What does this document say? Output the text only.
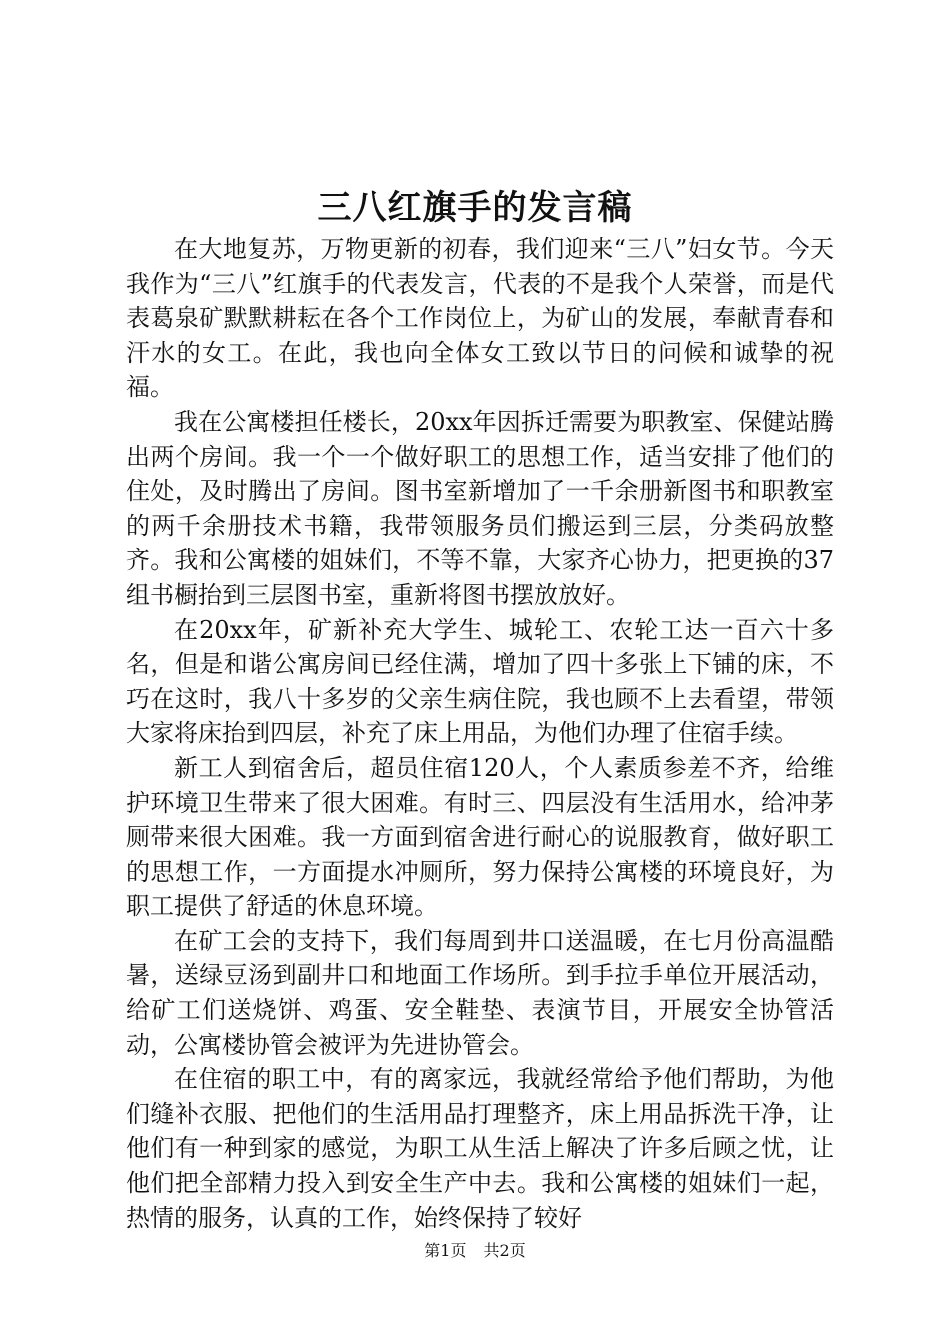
三八红旗手的发言稿

在大地复苏，万物更新的初春，我们迎来“三八”妇女节。今天我作为“三八”红旗手的代表发言，代表的不是我个人荣誉，而是代表葛泉矿默默耕耘在各个工作岗位上，为矿山的发展，奉献青春和汗水的女工。在此，我也向全体女工致以节日的问候和诚挚的祝福。

我在公寓楼担任楼长，20xx年因拆迁需要为职教室、保健站腾出两个房间。我一个一个做好职工的思想工作，适当安排了他们的住处，及时腾出了房间。图书室新增加了一千余册新图书和职教室的两千余册技术书籍，我带领服务员们搬运到三层，分类码放整齐。我和公寓楼的姐妹们，不等不靠，大家齐心协力，把更换的37组书橱抬到三层图书室，重新将图书摆放放好。

在20xx年，矿新补充大学生、城轮工、农轮工达一百六十多名，但是和谐公寓房间已经住满，增加了四十多张上下铺的床，不巧在这时，我八十多岁的父亲生病住院，我也顾不上去看望，带领大家将床抬到四层，补充了床上用品，为他们办理了住宿手续。

新工人到宿舍后，超员住宿120人，个人素质参差不齐，给维护环境卫生带来了很大困难。有时三、四层没有生活用水，给冲茅厕带来很大困难。我一方面到宿舍进行耐心的说服教育，做好职工的思想工作，一方面提水冲厕所，努力保持公寓楼的环境良好，为职工提供了舒适的休息环境。

在矿工会的支持下，我们每周到井口送温暖，在七月份高温酷暑，送绿豆汤到副井口和地面工作场所。到手拉手单位开展活动，给矿工们送烧饼、鸡蛋、安全鞋垫、表演节目，开展安全协管活动，公寓楼协管会被评为先进协管会。

在住宿的职工中，有的离家远，我就经常给予他们帮助，为他们缝补衣服、把他们的生活用品打理整齐，床上用品拆洗干净，让他们有一种到家的感觉，为职工从生活上解决了许多后顾之忧，让他们把全部精力投入到安全生产中去。我和公寓楼的姐妹们一起，热情的服务，认真的工作，始终保持了较好

第1页 共2页
